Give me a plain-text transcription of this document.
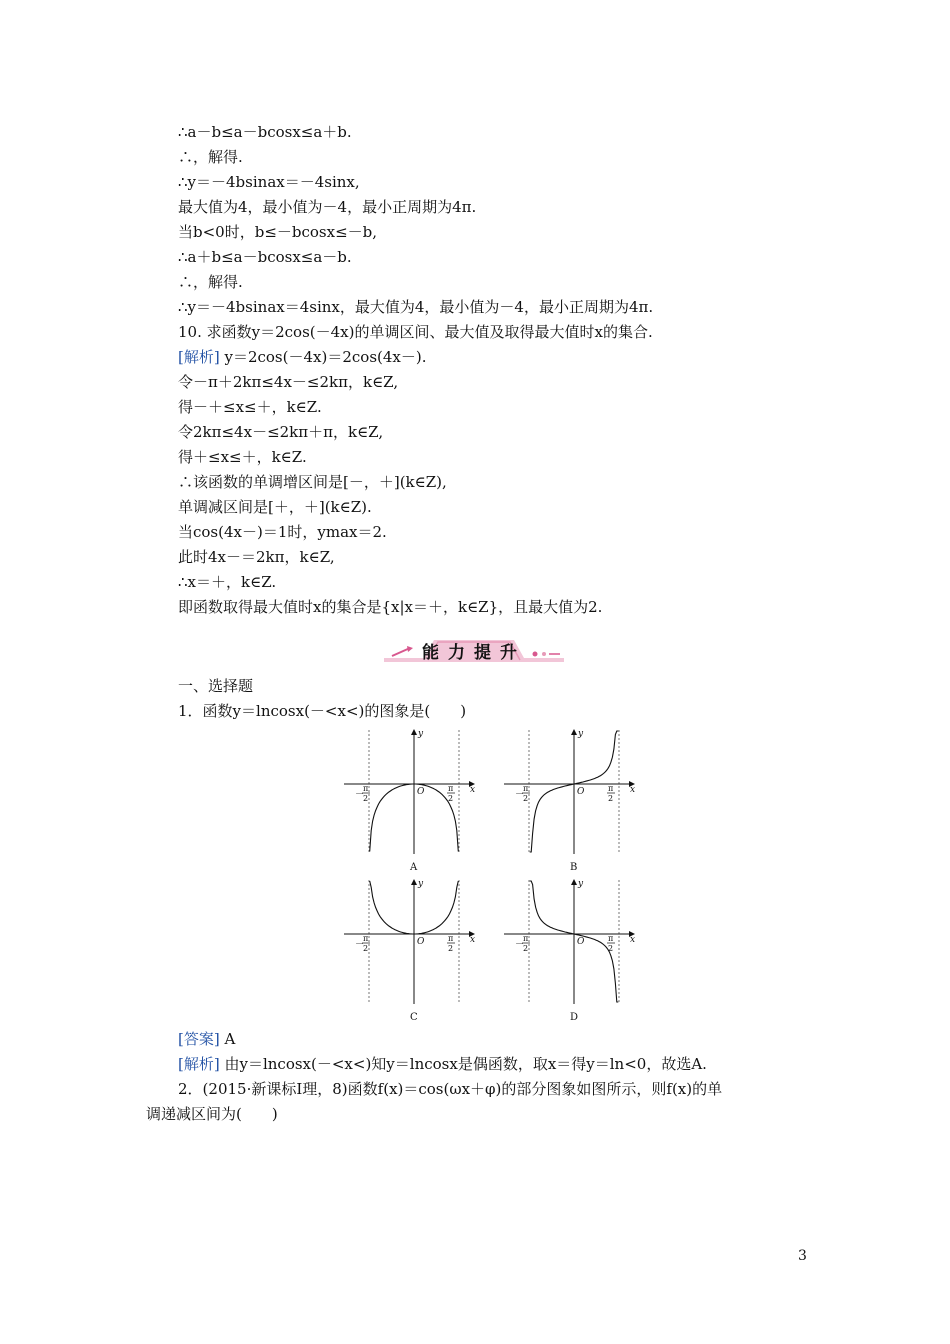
∴a－b≤a－bcosx≤a＋b.
∴，解得.
∴y＝－4bsinax＝－4sinx,
最大值为4，最小值为－4，最小正周期为4π.
当b<0时，b≤－bcosx≤－b,
∴a＋b≤a－bcosx≤a－b.
∴，解得.
∴y＝－4bsinax＝4sinx，最大值为4，最小值为－4，最小正周期为4π.
10. 求函数y＝2cos(－4x)的单调区间、最大值及取得最大值时x的集合.
[解析] y＝2cos(－4x)＝2cos(4x－).
令－π＋2kπ≤4x－≤2kπ，k∈Z,
得－＋≤x≤＋，k∈Z.
令2kπ≤4x－≤2kπ＋π，k∈Z,
得＋≤x≤＋，k∈Z.
∴该函数的单调增区间是[－，＋](k∈Z),
单调减区间是[＋，＋](k∈Z).
当cos(4x－)＝1时，ymax＝2.
此时4x－＝2kπ，k∈Z,
∴x＝＋，k∈Z.
即函数取得最大值时x的集合是{x|x＝＋，k∈Z}，且最大值为2.
能力提升
一、选择题
1．函数y＝lncosx(－<x<)的图象是(　　)
x
y
O
－
π
2
π
2
A
x
y
O
－
π
2
π
2
B
x
y
O
－
π
2
π
2
C
x
y
O
－
π
2
π
2
D
[答案] A
[解析] 由y＝lncosx(－<x<)知y＝lncosx是偶函数，取x＝得y＝ln<0，故选A.
2．(2015·新课标Ⅰ理，8)函数f(x)＝cos(ωx＋φ)的部分图象如图所示，则f(x)的单
调递减区间为(　　)
3
